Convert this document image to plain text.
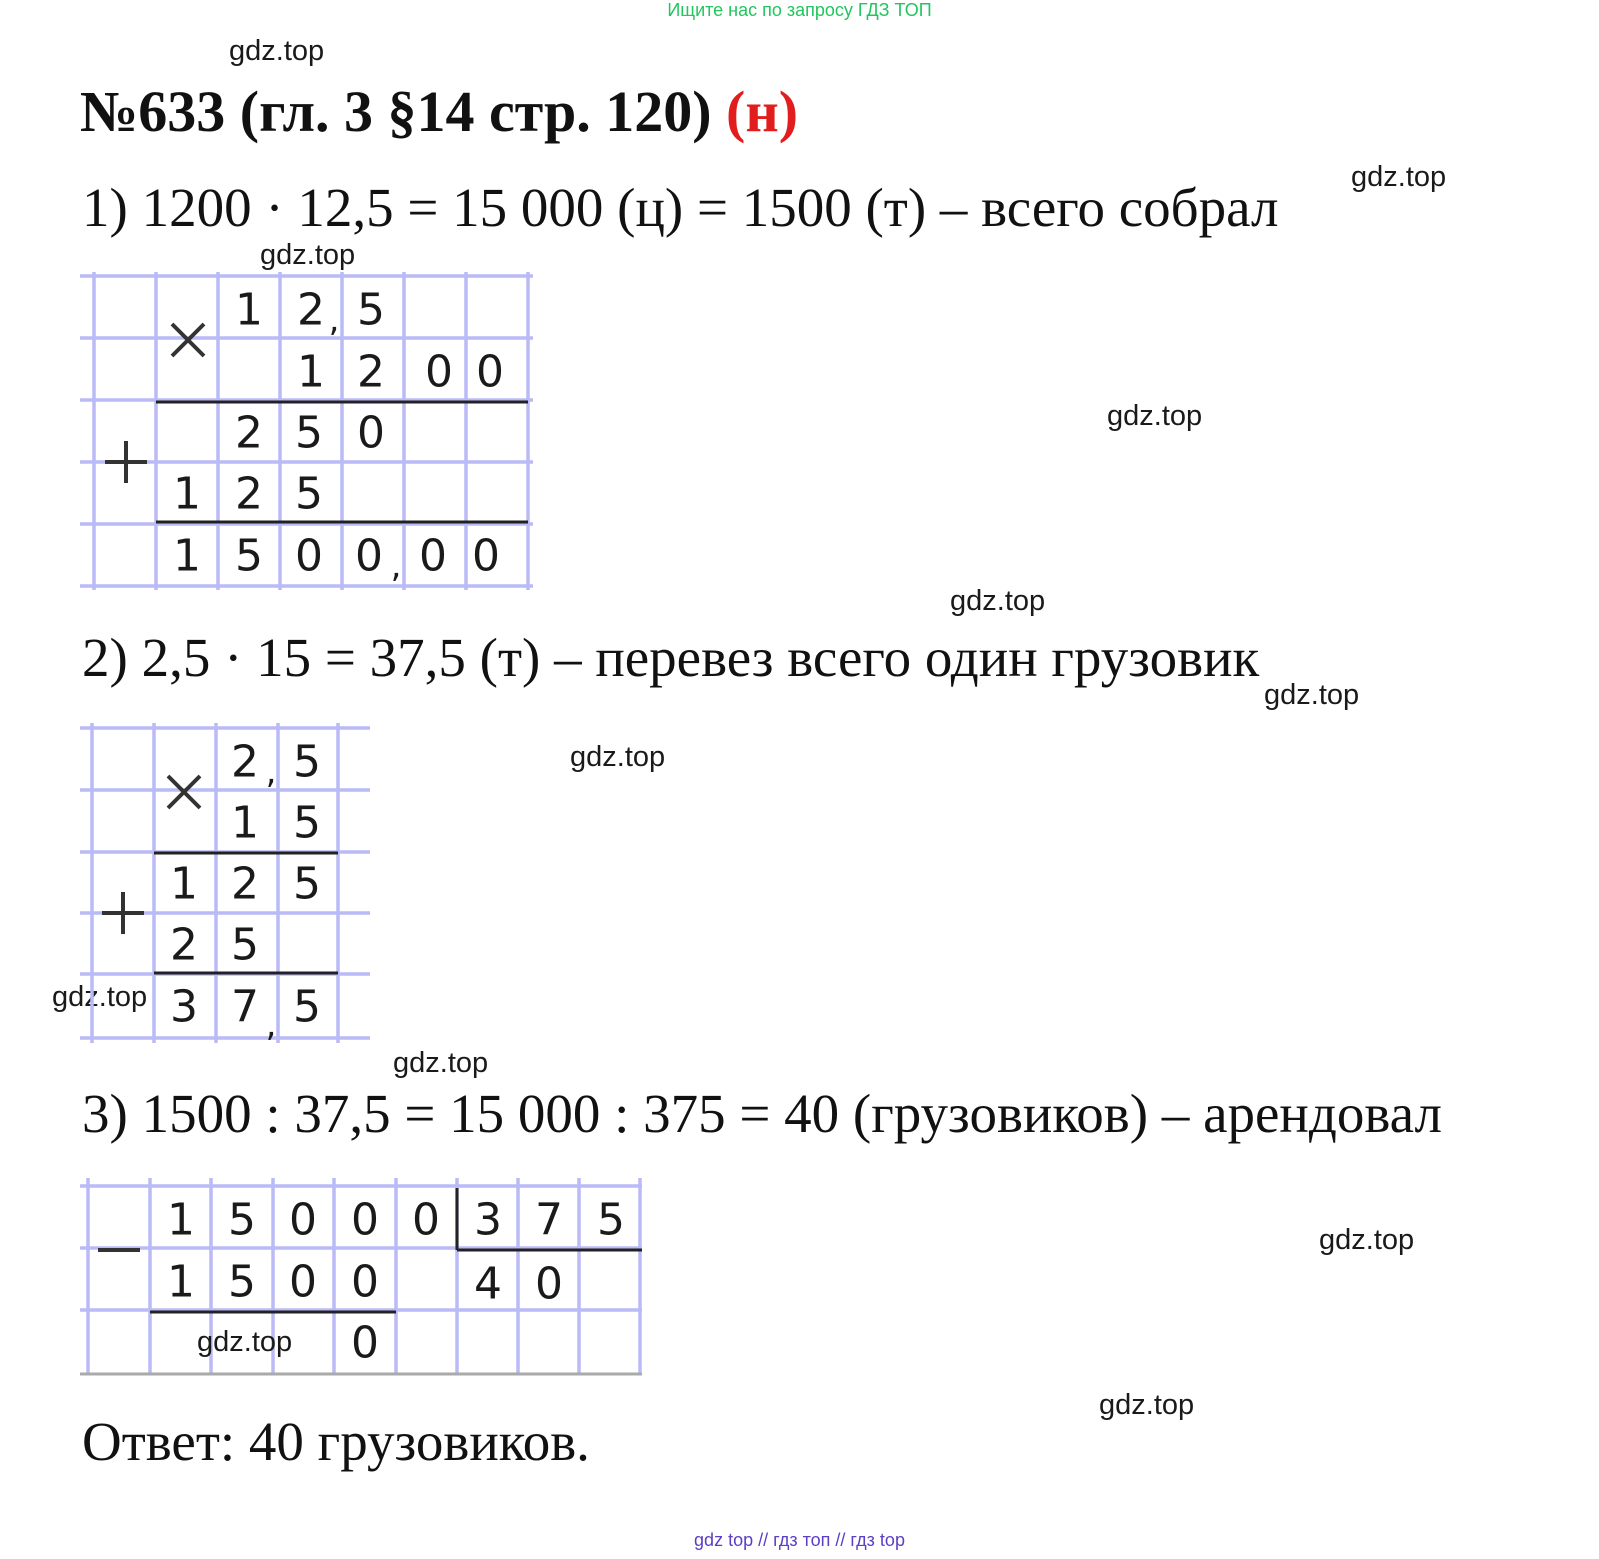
Ищите нас по запросу ГДЗ ТОП
gdz.top
gdz.top
gdz.top
gdz.top
gdz.top
gdz.top
gdz.top
gdz.top
gdz.top
gdz.top
gdz.top
№633 (гл. 3 §14 стр. 120) (н)
1) 1200 · 12,5 = 15 000 (ц) = 1500 (т) – всего собрал
1 2 , 5
1 2 0 0
2 5 0
1 2 5
1 5 0 0 , 0 0
2) 2,5 · 15 = 37,5 (т) – перевез всего один грузовик
2 , 5
1 5
1 2 5
2 5
3 7 , 5
3) 1500 : 37,5 = 15 000 : 375 = 40 (грузовиков) – арендовал
1 5 0 0 0 3 7 5
1 5 0 0 4 0
0
gdz.top
Ответ: 40 грузовиков.
gdz top // гдз топ // гдз top
